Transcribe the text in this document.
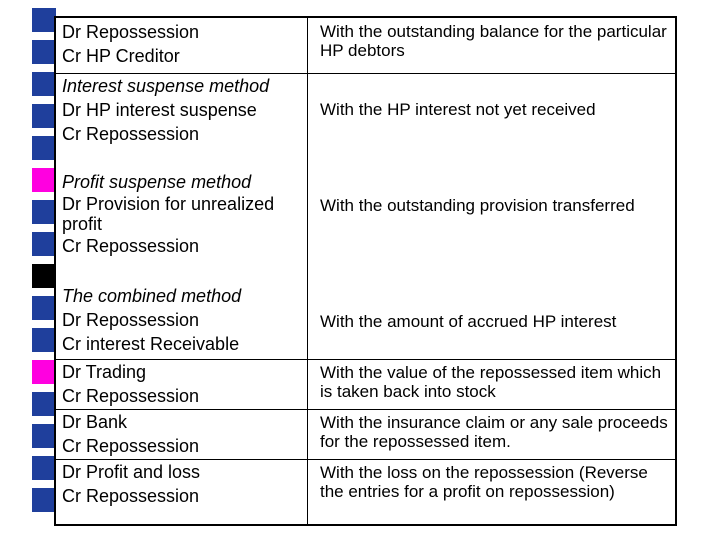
Dr Repossession
Cr HP Creditor
With the outstanding balance for the particular HP debtors
Interest suspense method
Dr HP interest suspense
Cr Repossession
With the HP interest not yet received
Profit suspense method
Dr Provision for unrealized profit
Cr Repossession
With the outstanding provision transferred
The combined method
Dr Repossession
Cr interest Receivable
With the amount of accrued HP interest
Dr Trading
Cr Repossession
With the value of the repossessed item which is taken back into stock
Dr Bank
Cr Repossession
With the insurance claim or any sale proceeds for the repossessed item.
Dr Profit and loss
Cr Repossession
With the loss on the repossession (Reverse the entries for a profit on repossession)
